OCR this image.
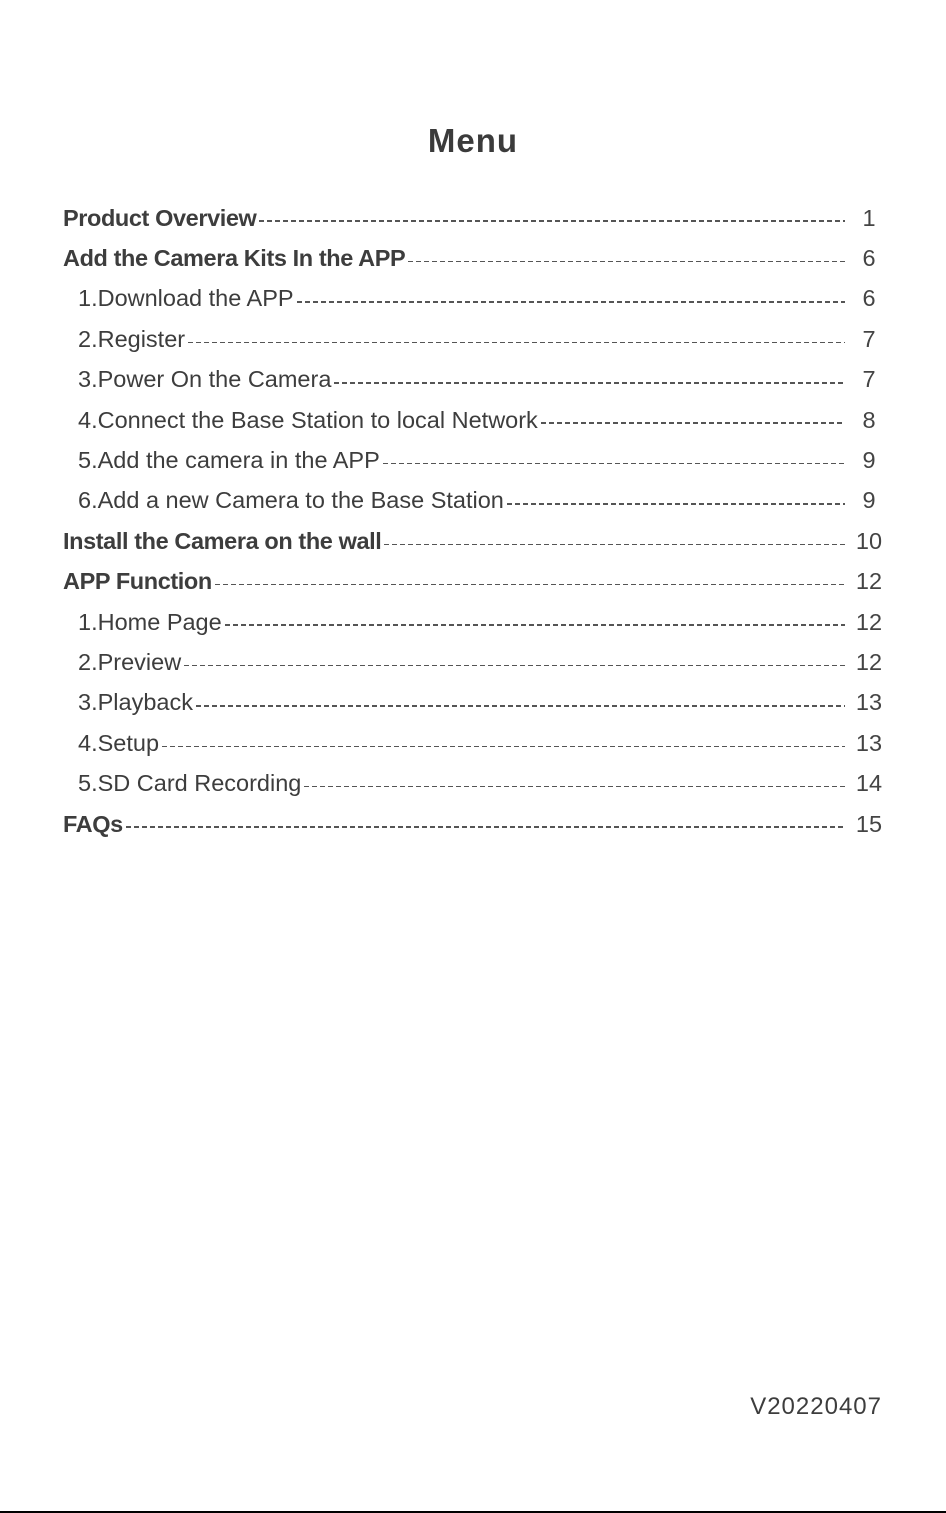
Menu
Product Overview	1
Add the Camera Kits In the APP	6
1.Download the APP	6
2.Register	7
3.Power On the Camera	7
4.Connect the Base Station to local Network	8
5.Add the camera in the APP	9
6.Add a new Camera to the Base Station	9
Install the Camera on the wall	10
APP Function	12
1.Home Page	12
2.Preview	12
3.Playback	13
4.Setup	13
5.SD Card Recording	14
FAQs	15
V20220407
